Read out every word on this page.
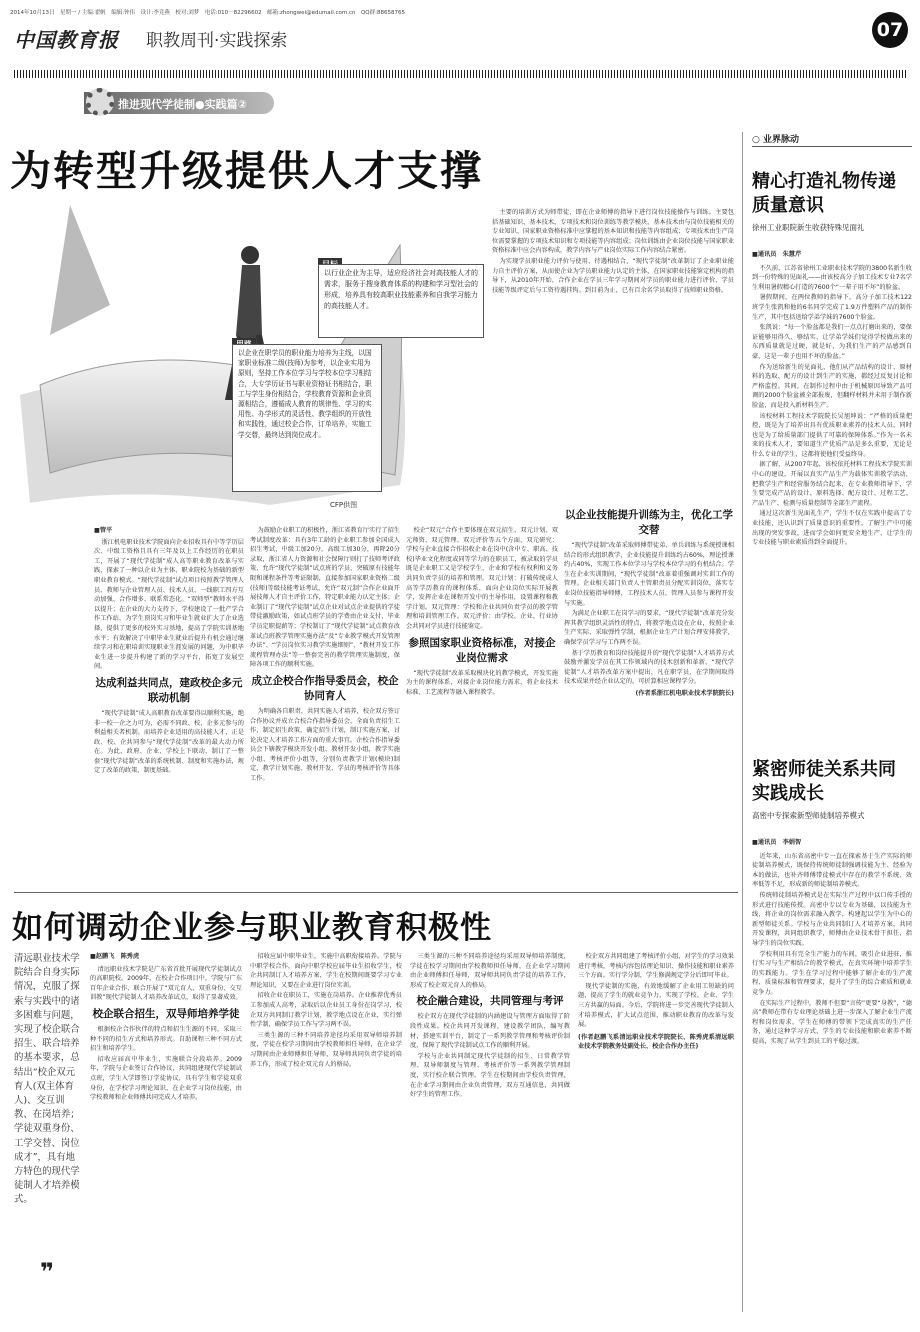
中国教育报 职教周刊·实践探索
2014年10月13日　星期一 / 主编:翟帆　编辑:钟伟　设计:李竞燕　校对:刘梦　电话:010－82296602　邮箱:zhongwei@edumail.com.cn　QQ群:88658765
07
推进现代学徒制●实践篇②
为转型升级提供人才支撑
CFP供图
以行业企业为主导，适应经济社会对高技能人才的需求，服务于搜身教育体系的构建和学习型社会的形成，培养具有较高职业技能素养和自我学习能力的高技能人才。
以企业在职学员的职业能力培养为主线，以国家职业标准二级(技师)为参考，以企业实用为原则，坚持工作本位学习与学校本位学习相结合，大专学历证书与职业资格证书相结合，职工与学生身份相结合，学校教育资源和企业资源相结合，遵循成人教育的规律性、学习的实用性、办学形式的灵活性、教学组织的开放性和实践性，通过校企合作，订单培养，实施工学交替，最终达到岗位成才。

主要的培训方式为师带徒，即在企业师傅的指导下进行岗位技能操作与训练。主要包括基础知识、基本技术、专项技术和岗位训练等教学模块，基本技术由与岗位技能相关的专业知识、国家职业资格标准中应掌握的基本知识和技能等内容组成；专项技术由生产岗位需要掌握的专项技术知识和专项技能等内容组成；岗位训练由企业岗位技能与国家职业资格标准中应会内容构成，教学内容与产业岗位实际工作内容结合紧密。

为实现学员职业能力评价与使用、待遇相结合，“现代学徒制”改革制订了企业职业能力自主评价方案，从而使企业为学员职业能力认定的主体，在国家职业技能鉴定机构的指导下，从2010年开始，合作企业在学员三年学习期间对学员的职业能力进行评价，学员技能等级评定后与工资待遇挂钩。到目前为止，已有百余名学员取得了技师职业资格。

■管平

浙江机电职业技术学院面向企业招收具有中等学历层次、中级工资格且具有三年及以上工作经历的在职员工，开展了“现代学徒制”成人高等职业教育改革与实践，探索了一种以企业为主体、职业院校为基础的新型职业教育模式。“现代学徒制”试点项目按照教学管理人员、教师与企业管理人员、技术人员、一线职工四方互动加强、合作增多、联系常态化。“双师型”教师水平得以提升；在企业的大力支持下，学校建设了一批产学合作工作站，为学生顶岗实习和毕业生就业扩大了企业选择，提供了更多的校外实习基地，提高了学院实训基地水平；有效解决了中职毕业生就业后提升有机会通过继续学习和在职培训实现职业生涯发展的问题，为中职毕业生进一步提升构建了新的学习平台，拓宽了发展空间。

达成利益共同点，建政校企多元联动机制

“现代学徒制”成人高职教育改革要得以顺利实施，绝非一校一企之力可为，必需不同政、校、企多元参与的利益相关者机制。而培养企业适用的高技能人才，正是政、校、企共同参与“现代学徒制”改革的最大动力所在。为此，政府、企业、学校上下联动，制订了一整套“现代学徒制”改革的系统机制、制度和实施办法，规定了改革的政策、制度基础。

为鼓励企业职工的积极性，浙江省教育厅实行了招生考试制度改革：具有3年工龄的企业职工参加全国成人招生考试，中级工加20分，高级工加30分，再降20分录取，浙江省人力资源和社会保障厅则打了技师考评政策，允许“现代学徒制”试点班的学员，突破原有技能年限和课程条件等考证限制，直接参加国家职业资格二级(技师)等级技能考证考试，允许“双元制”合作企业面开展技师人才自主评价工作，特定职业能力认定主体；企业制订了“现代学徒制”试点企业对试点企业提供的学徒带徒激励政策，如试点班学员的学费由企业支付，毕业学员定职提薪等；学校制订了“现代学徒制”试点教育改革试点班教学管理实施办法”及“专业教学模式开发管理办法”、“学员岗位实习教学实施细则”、“教材开发工作流程管理办法”等一整套完善的教学管理实施制度，保障各项工作的顺利实施。

成立企校合作指导委员会，校企协同育人

为明确各自职责，共同实施人才培养，校企双方签订合作协议并成立合校合作指导委员会，全面负责招生工作，制定招生政策，确定招生计划，制订实施方案，讨论决定人才培养工作方面的重大事宜。企校合作指导委员会下辖教学模块开发小组、教材开发小组，教学实施小组、考核评价小组等，分别负责教学计划(模块)制定、教学计划实施、教材开发、学员的考核评价等具体工作。

校企“双元”合作主要体现在双元招生、双元计划、双元师资、双元管理、双元评价等五个方面，双元研究；学校与企业直接合作招收企业在岗中(含中专、职高、技校)毕业文化程度或同等学力的在职员工，被录取的学员既是企业职工又是学校学生，企业和学校有权利和义务共同负责学员的培养和管理。双元计划：打破传统成人高等学历教育的课程体系，面向企业岗位实际开展教学，发挥企业在课程开发中的主导作用，设置课程和教学计划。双元管理：学校和企业共同负责学员的教学管理和培训管理工作。双元评价：由学校、企业、行业协会共同对学员进行技能鉴定。

参照国家职业资格标准，对接企业岗位需求

“现代学徒制”改革采取模块化的教学模式，开发实施为主的课程体系，对接企业岗位能力需求，将企业技术标准、工艺流程等融入课程教学。

以企业技能提升训练为主，优化工学交替

“现代学徒制”改革采取师傅带徒弟、单兵训练与系统授课相结合的形式组织教学，企业技能提升训练约占60%，理论授课约占40%，实现工作本位学习与学校本位学习的有机结合。学生在企业实训期间，“现代学徒制”改革着重强调对实训工作的管理。企业相关部门负责人主管职责员分配实训岗位，落实专业岗位技能指导师傅，工程技术人员、管理人员参与课程开发与实施。

为满足企业职工在岗学习的要求，“现代学徒制”改革充分发挥其教学组织灵活性的特点，将教学地点设在企业，按照企业生产实际，采取弹性学制，根据企业生产计划合理安排教学，确保学员学习与工作两不误。

基于学历教育和岗位技能提升的“现代学徒制”人才培养方式鼓励并激发学员在其工作领域内的技术创新和革新。“现代学徒制”人才培养改革方案中提出，凡在职学员，在学期间取得技术成果并经企业认定的，可折算相应课程学分。

(作者系浙江机电职业技术学院院长)
○ 业界脉动
精心打造礼物传递质量意识
徐州工业职院新生收获特殊见面礼
■通讯员　朱慧芹

不久前，江苏省徐州工业职业技术学院的3800名新生收到一份特殊的见面礼——由该校高分子加工技术专业7名学生利用暑假精心打造的7600个“一辈子用不坏”的脸盆。

暑假期间，在两位教师的指导下，高分子加工技术122班学生张凯和他的6名同学完成了1.9万件塑料产品的制作生产，其中包括送给学弟学妹的7600个脸盆。

张凯说：“每一个脸盆都是我们一点点打磨出来的，要保证能够用得久、够结实，让学弟学妹们觉得学校做出来的东西质量就是过硬，就是好，为我们生产的产品感到自豪，这是一辈子也用不坏的脸盆。”

作为送给新生的见面礼，他们从产品结构的设计、原材料的选取、配方的设计到生产的实施，都经过反复讨论和严格监控。其间，在制作过程中由于机械原因导致产品可调的2000个脸盆被全部报废，但翻样材料并未用于制作新脸盆，而是投入新材料生产。

该校材料工程技术学院院长吴旭坤说：“严格的质量把控，既是为了培养出具有优质职业素养的技术人员，同时也是为了给质量部门提供了可靠的保障体系。”作为一名未来的技术人才，要知道生产优质产品是多么重要，无论是什么专业的学生，这都将使他们受益终身。

据了解，从2007年起，该校依托材料工程技术学院实训中心的建设，开展以真实产品生产为载体实训教学活动，把教学生产和经营服务结合起来，在专业教师指导下，学生要完成产品的设计、原料选择、配方设计、过程工艺、产品生产、检测与质量控制等全部生产流程。

通过这次新生见面礼生产，学生不仅在实践中提高了专业技能，还认识到了质量意识的重要性，了解生产中可能出现的突发事故，进而学会如何更安全地生产，让学生的专业技能与职业素质得到全面提升。

紧密师徒关系共同实践成长
高密中专探索新型师徒制培养模式
■通讯员　李娟智

近年来，山东省高密中专一直在探索基于生产实际的师徒制培养模式，既保持传统师徒制强调技能为主、经验为本的做法，也补齐师傅带徒模式中存在的教学不系统、效率低等不足，形成新的师徒制培养模式。

传统师徒制培养模式是在实际生产过程中以口传手授的形式进行技能传授。高密中专以专业为基础，以技能为主线，将企业的岗位需求融入教学，构建起以学生为中心的新型师徒关系。学校与企业共同制订人才培养方案，共同开发课程，共同组织教学，师傅由企业技术骨干担任，指导学生的岗位实践。

学校利用具有完全生产能力的车间，吸引企业进驻，推行实习与生产相结合的教学模式，在真实环境中培养学生的实践能力。学生在学习过程中能够了解企业的生产流程、质量标准和管理要求，提升了学生的综合素质和就业竞争力。

在实际生产过程中，教师不但要“言传”更要“身教”，“德高”教师在带有专业理论基础上进一步深入了解企业生产流程和岗位需求。学生在师傅的带领下完成真实的生产任务，通过这种学习方式，学生的专业技能和职业素养不断提高，实现了从学生到员工的平稳过渡。

如何调动企业参与职业教育积极性
清远职业技术学院结合自身实际情况，克服了探索与实践中的诸多困难与问题，实现了校企联合招生、联合培养的基本要求，总结出“校企双元育人(双主体育人)、交互训教、在岗培养；学徒双重身份、工学交替、岗位成才”，具有地方特色的现代学徒制人才培养模式。
❞
■赵鹏飞　陈秀虎

清远职业技术学院是广东省首批开展现代学徒制试点的高职院校。2009年，在校企合作项目中，学院与广东百年企业合作，联合开展了“双元育人、双重身份、交互训教”现代学徒制人才培养改革试点，取得了显著成效。

校企联合招生，双导师培养学徒

根据校企合作伙伴的特点和招生生源的不同，采取三种不同的招生方式和培养形式。自助课程三种不同方式招生和培养学生。

招收应届高中毕业生，实施联合分段培养。2009年，学院与企业签订合作协议，共同组建现代学徒制试点班，学生入学即签订学徒协议，具有学生和学徒双重身份，在学校学习理论知识，在企业学习岗位技能，由学校教师和企业师傅共同完成人才培养。

招收应届中职毕业生，实施中高职衔接培养。学院与中职学校合作，面向中职学校应届毕业生招收学生，校企共同制订人才培养方案，学生在校期间既要学习专业理论知识，又要在企业进行岗位实训。

招收企业在职员工，实施在岗培养。企业推荐优秀员工参加成人高考，录取后以企业员工身份在岗学习，校企双方共同制订教学计划，教学地点设在企业，实行弹性学制，确保学员工作与学习两不误。

三类生源的三种不同培养途径均采用双导师培养制度，学徒在校学习期间由学校教师担任导师，在企业学习期间由企业师傅担任导师，双导师共同负责学徒的培养工作，形成了校企双元育人的格局。

三类生源的三种不同培养途径均采用双导师培养制度，学徒在校学习期间由学校教师担任导师，在企业学习期间由企业师傅担任导师，双导师共同负责学徒的培养工作，形成了校企双元育人的格局。

校企融合建设，共同管理与考评

校企双方在现代学徒制的内涵建设与管理方面取得了阶段性成果。校企共同开发课程，建设教学团队，编写教材，搭建实训平台，制定了一系列教学管理和考核评价制度，保障了现代学徒制试点工作的顺利开展。

学校与企业共同制定现代学徒制的招生、日常教学管理、双导师制度与管理、考核评价等一系列教学管理制度，实行校企联合管理。学生在校期间由学校负责管理，在企业学习期间由企业负责管理，双方互通信息，共同做好学生的管理工作。

校企双方共同组建了考核评价小组，对学生的学习效果进行考核，考核内容包括理论知识、操作技能和职业素养三个方面。实行学分制，学生修满规定学分后即可毕业。

现代学徒制的实施，有效地缓解了企业用工短缺的问题，提高了学生的就业竞争力，实现了学校、企业、学生三方共赢的局面。今后，学院将进一步完善现代学徒制人才培养模式，扩大试点范围，推动职业教育的改革与发展。

(作者赵鹏飞系清远职业技术学院院长、陈秀虎系清远职业技术学院教务处副处长、校企合作办主任)
